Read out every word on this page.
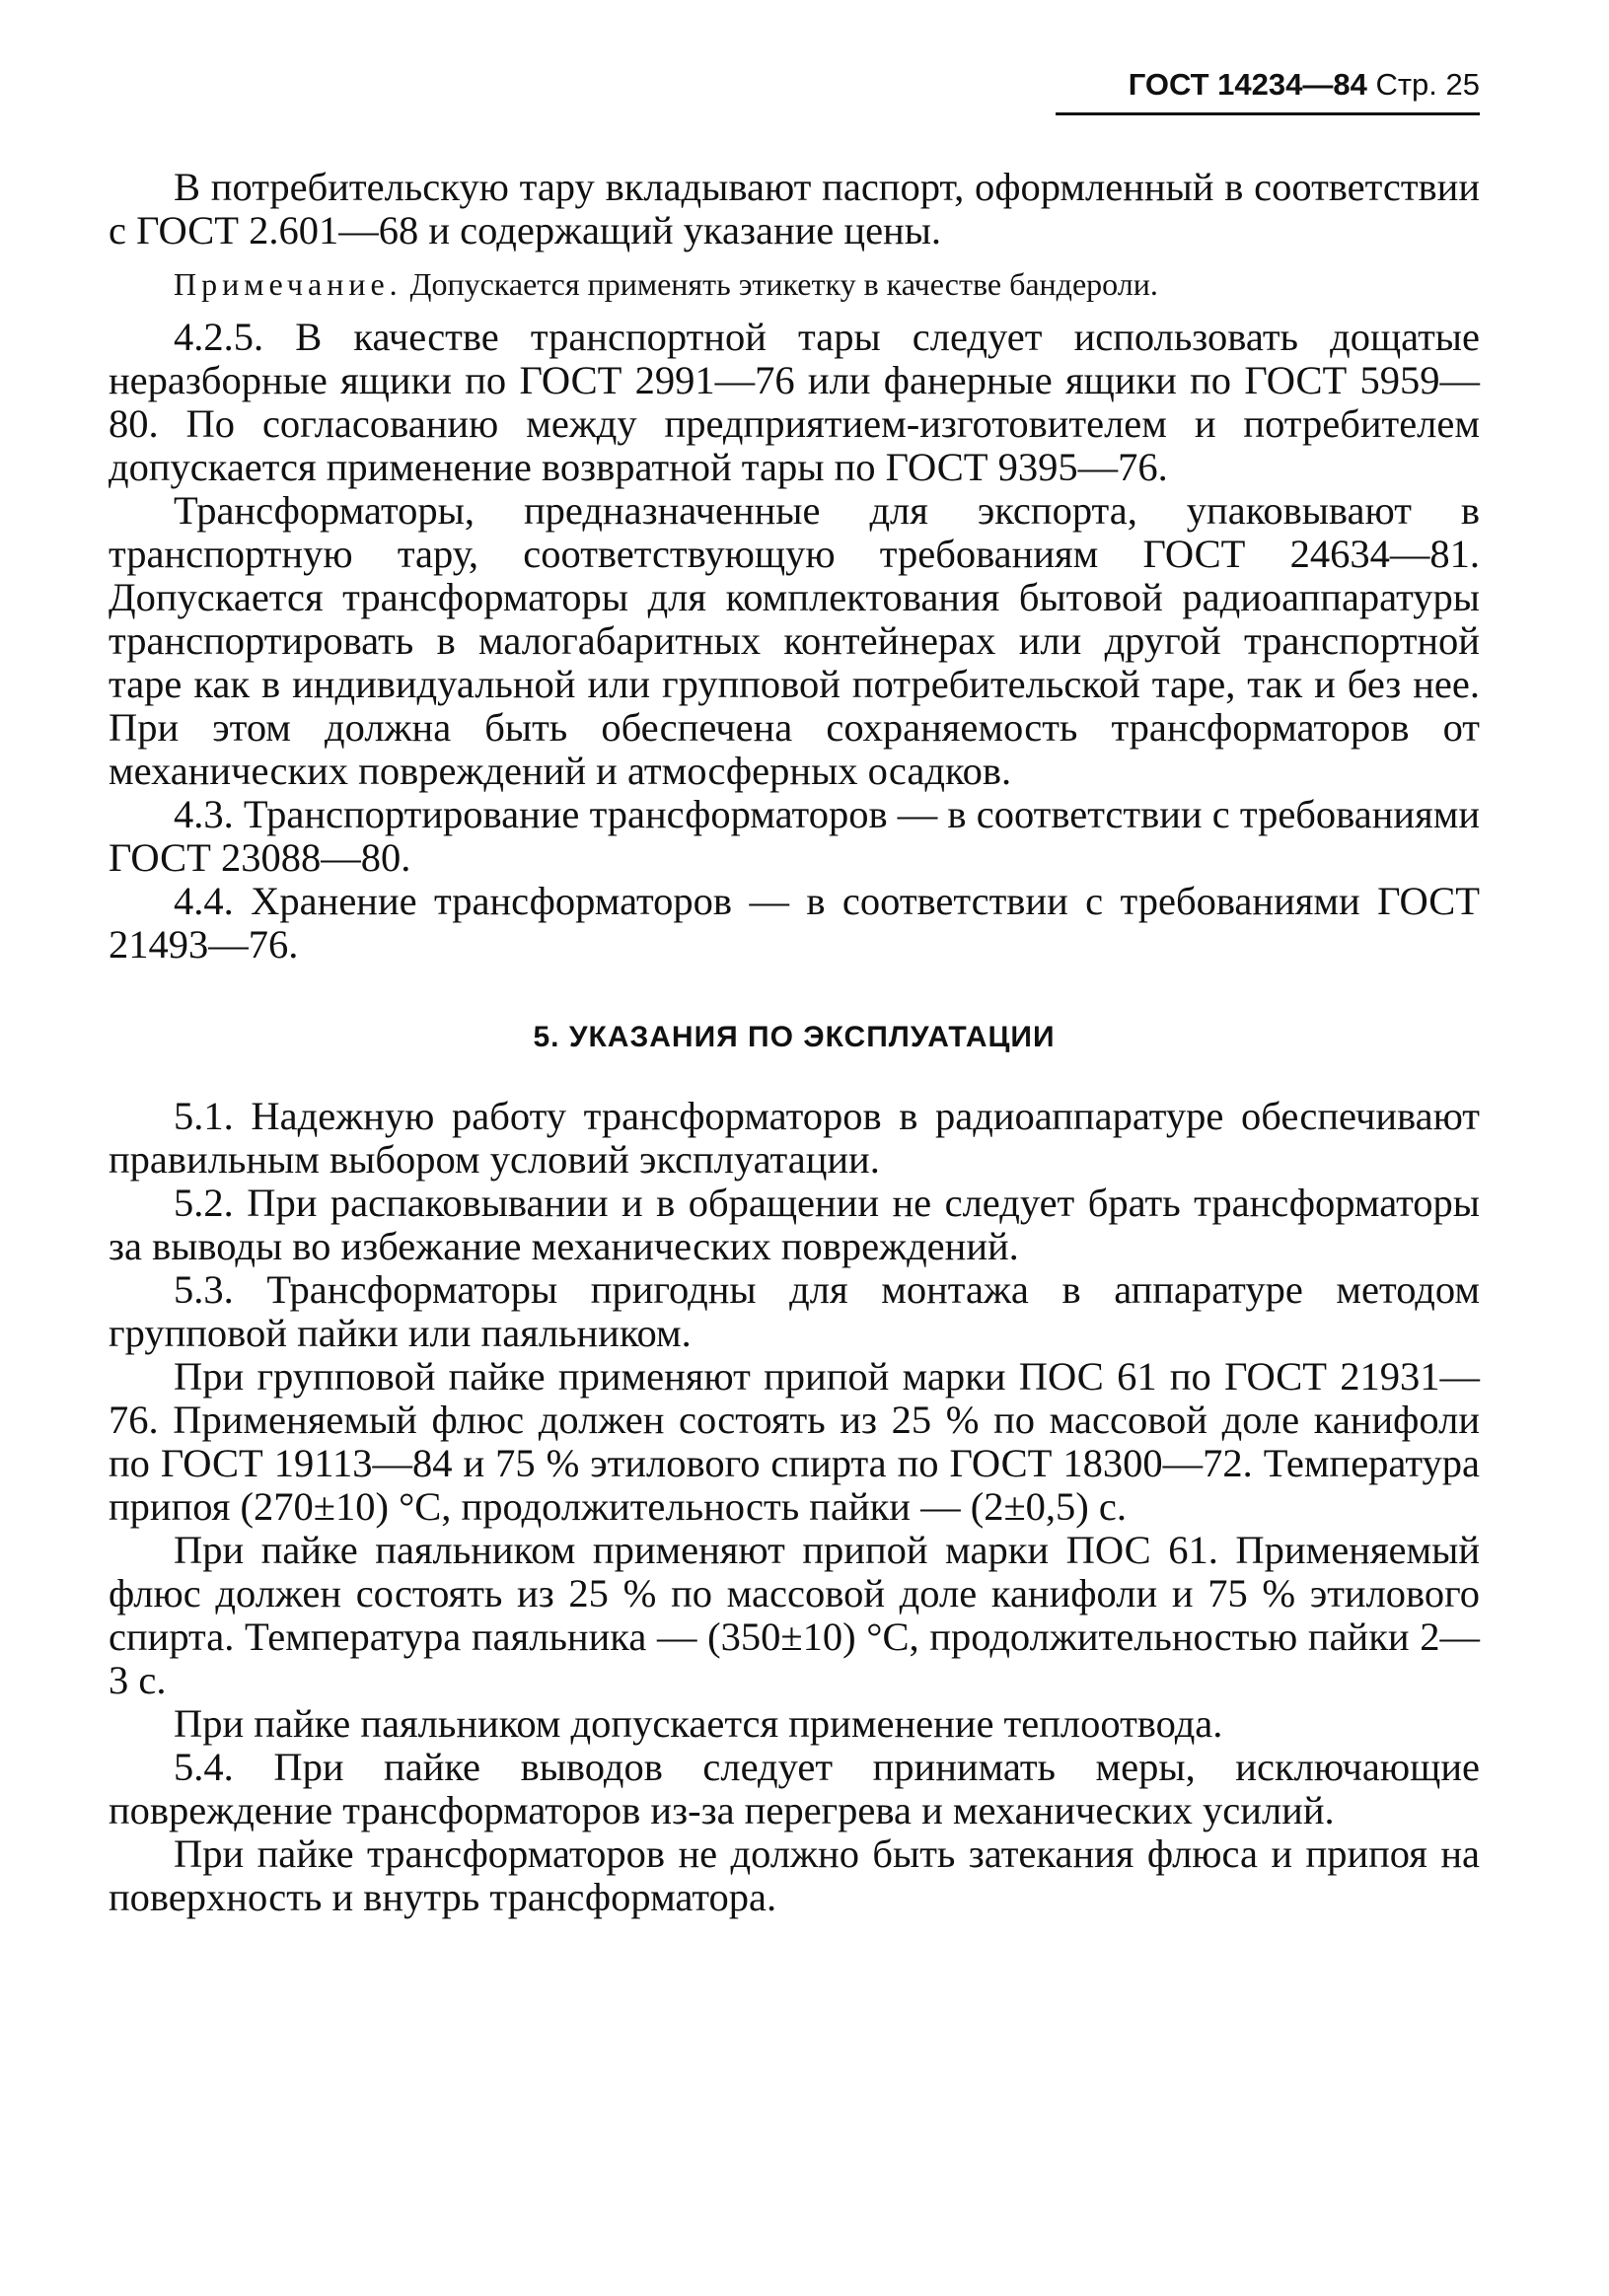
ГОСТ 14234—84 Стр. 25

В потребительскую тару вкладывают паспорт, оформленный в соответствии с ГОСТ 2.601—68 и содержащий указание цены.

Примечание. Допускается применять этикетку в качестве бандероли.

4.2.5. В качестве транспортной тары следует использовать дощатые неразборные ящики по ГОСТ 2991—76 или фанерные ящики по ГОСТ 5959—80. По согласованию между предприятием-изготовителем и потребителем допускается применение возвратной тары по ГОСТ 9395—76.

Трансформаторы, предназначенные для экспорта, упаковывают в транспортную тару, соответствующую требованиям ГОСТ 24634—81. Допускается трансформаторы для комплектования бытовой радиоаппаратуры транспортировать в малогабаритных контейнерах или другой транспортной таре как в индивидуальной или групповой потребительской таре, так и без нее. При этом должна быть обеспечена сохраняемость трансформаторов от механических повреждений и атмосферных осадков.

4.3. Транспортирование трансформаторов — в соответствии с требованиями ГОСТ 23088—80.

4.4. Хранение трансформаторов — в соответствии с требованиями ГОСТ 21493—76.

5. УКАЗАНИЯ ПО ЭКСПЛУАТАЦИИ

5.1. Надежную работу трансформаторов в радиоаппаратуре обеспечивают правильным выбором условий эксплуатации.

5.2. При распаковывании и в обращении не следует брать трансформаторы за выводы во избежание механических повреждений.

5.3. Трансформаторы пригодны для монтажа в аппаратуре методом групповой пайки или паяльником.

При групповой пайке применяют припой марки ПОС 61 по ГОСТ 21931—76. Применяемый флюс должен состоять из 25 % по массовой доле канифоли по ГОСТ 19113—84 и 75 % этилового спирта по ГОСТ 18300—72. Температура припоя (270±10) °С, продолжительность пайки — (2±0,5) с.

При пайке паяльником применяют припой марки ПОС 61. Применяемый флюс должен состоять из 25 % по массовой доле канифоли и 75 % этилового спирта. Температура паяльника — (350±10) °С, продолжительностью пайки 2—3 с.

При пайке паяльником допускается применение теплоотвода.

5.4. При пайке выводов следует принимать меры, исключающие повреждение трансформаторов из-за перегрева и механических усилий.

При пайке трансформаторов не должно быть затекания флюса и припоя на поверхность и внутрь трансформатора.
